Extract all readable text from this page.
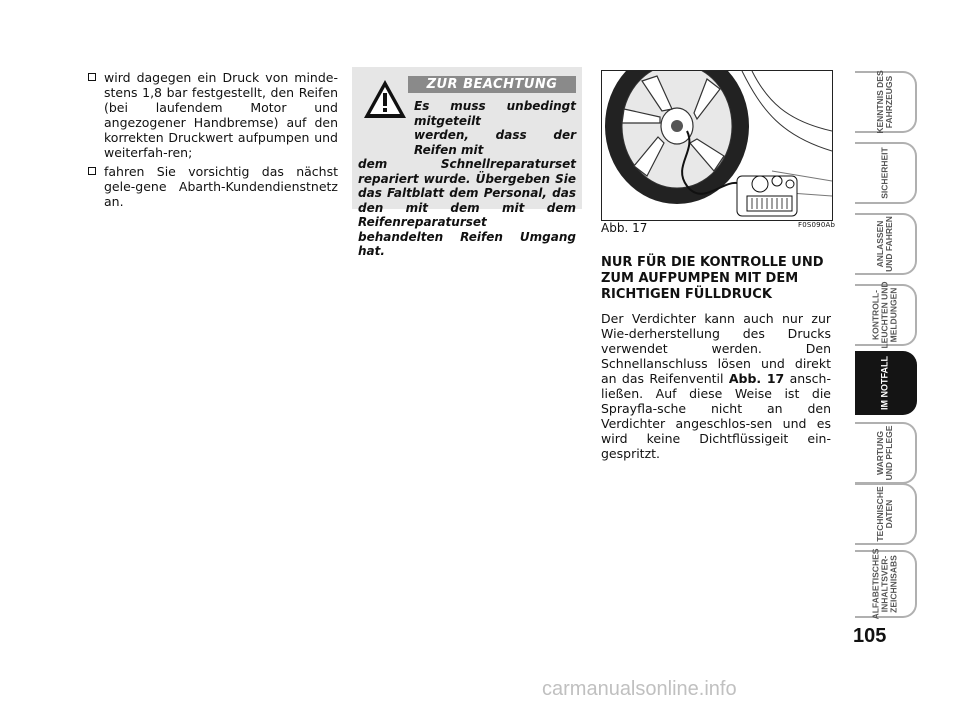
wird dagegen ein Druck von minde-stens 1,8 bar festgestellt, den Reifen (bei laufendem Motor und angezogener Handbremse) auf den korrekten Druckwert aufpumpen und weiterfah-ren;
fahren Sie vorsichtig das nächst gele-gene Abarth-Kundendienstnetz an.
ZUR BEACHTUNG
Es muss unbedingt mitgeteilt
werden, dass der Reifen mit
dem Schnellreparaturset repariert wurde. Übergeben Sie das Faltblatt dem Personal, das den mit dem mit dem Reifenreparaturset behandelten Reifen Umgang hat.
Abb. 17	F0S090Ab

NUR FÜR DIE KONTROLLE UND ZUM AUFPUMPEN MIT DEM RICHTIGEN FÜLLDRUCK

Der Verdichter kann auch nur zur Wie-derherstellung des Drucks verwendet werden. Den Schnellanschluss lösen und direkt an das Reifenventil Abb. 17 ansch-ließen. Auf diese Weise ist die Sprayfla-sche nicht an den Verdichter angeschlos-sen und es wird keine Dichtflüssigeit ein-gespritzt.

KENNTNIS DES
FAHRZEUGS
SICHERHEIT
ANLASSEN
UND FAHREN
KONTROLL-
LEUCHTEN UND
MELDUNGEN
IM NOTFALL
WARTUNG
UND PFLEGE
TECHNISCHE
DATEN
ALFABETISCHES
INHALTSVER-
ZEICHNISABS
105
carmanualsonline.info
